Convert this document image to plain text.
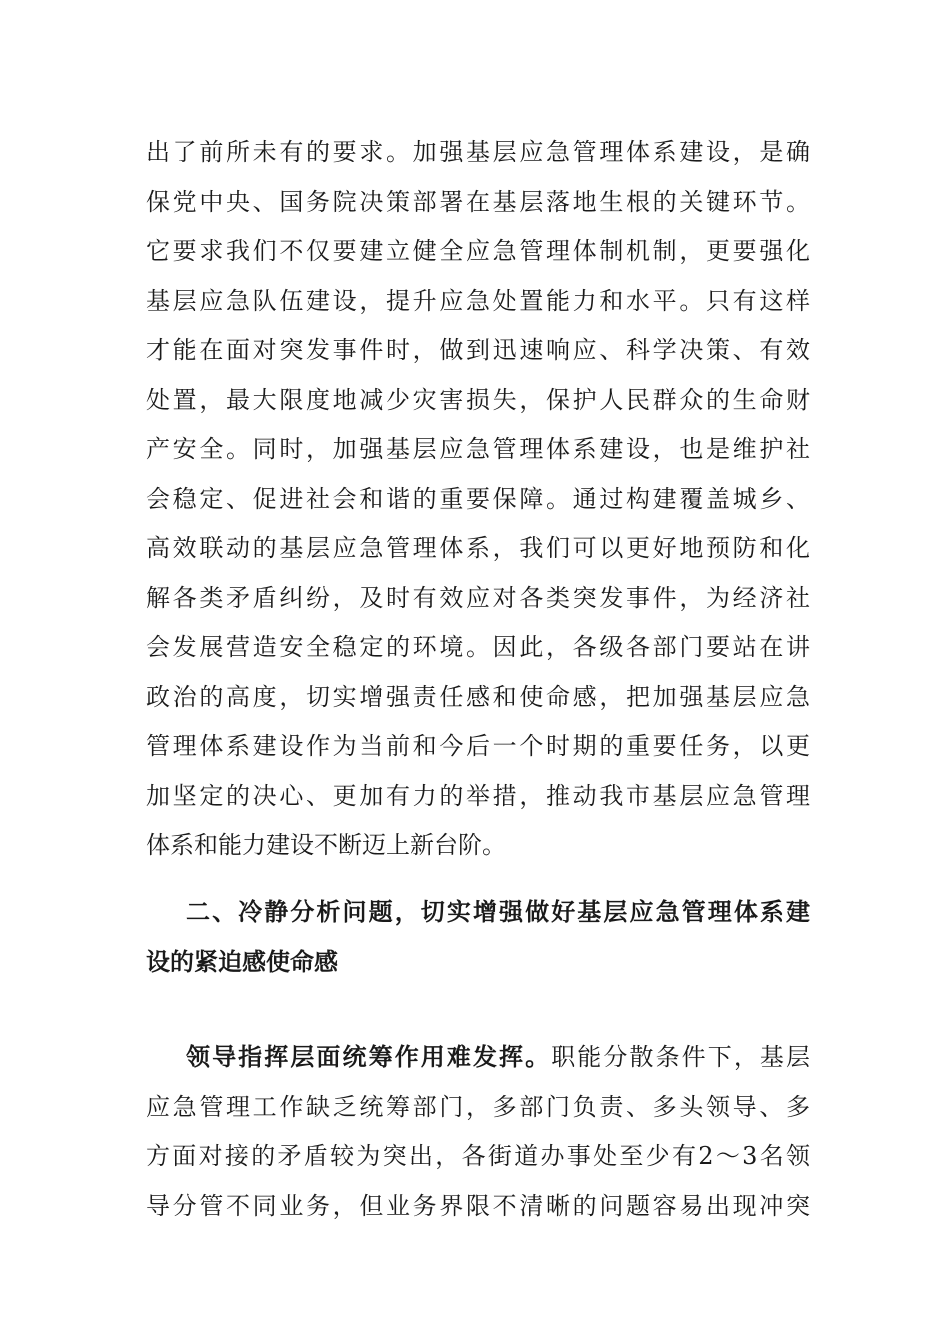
出了前所未有的要求。加强基层应急管理体系建设，是确
保党中央、国务院决策部署在基层落地生根的关键环节。
它要求我们不仅要建立健全应急管理体制机制，更要强化
基层应急队伍建设，提升应急处置能力和水平。只有这样
才能在面对突发事件时，做到迅速响应、科学决策、有效
处置，最大限度地减少灾害损失，保护人民群众的生命财
产安全。同时，加强基层应急管理体系建设，也是维护社
会稳定、促进社会和谐的重要保障。通过构建覆盖城乡、
高效联动的基层应急管理体系，我们可以更好地预防和化
解各类矛盾纠纷，及时有效应对各类突发事件，为经济社
会发展营造安全稳定的环境。因此，各级各部门要站在讲
政治的高度，切实增强责任感和使命感，把加强基层应急
管理体系建设作为当前和今后一个时期的重要任务，以更
加坚定的决心、更加有力的举措，推动我市基层应急管理
体系和能力建设不断迈上新台阶。
二、冷静分析问题，切实增强做好基层应急管理体系建
设的紧迫感使命感
领导指挥层面统筹作用难发挥。职能分散条件下，基层
应急管理工作缺乏统筹部门，多部门负责、多头领导、多
方面对接的矛盾较为突出，各街道办事处至少有2～3名领
导分管不同业务，但业务界限不清晰的问题容易出现冲突
